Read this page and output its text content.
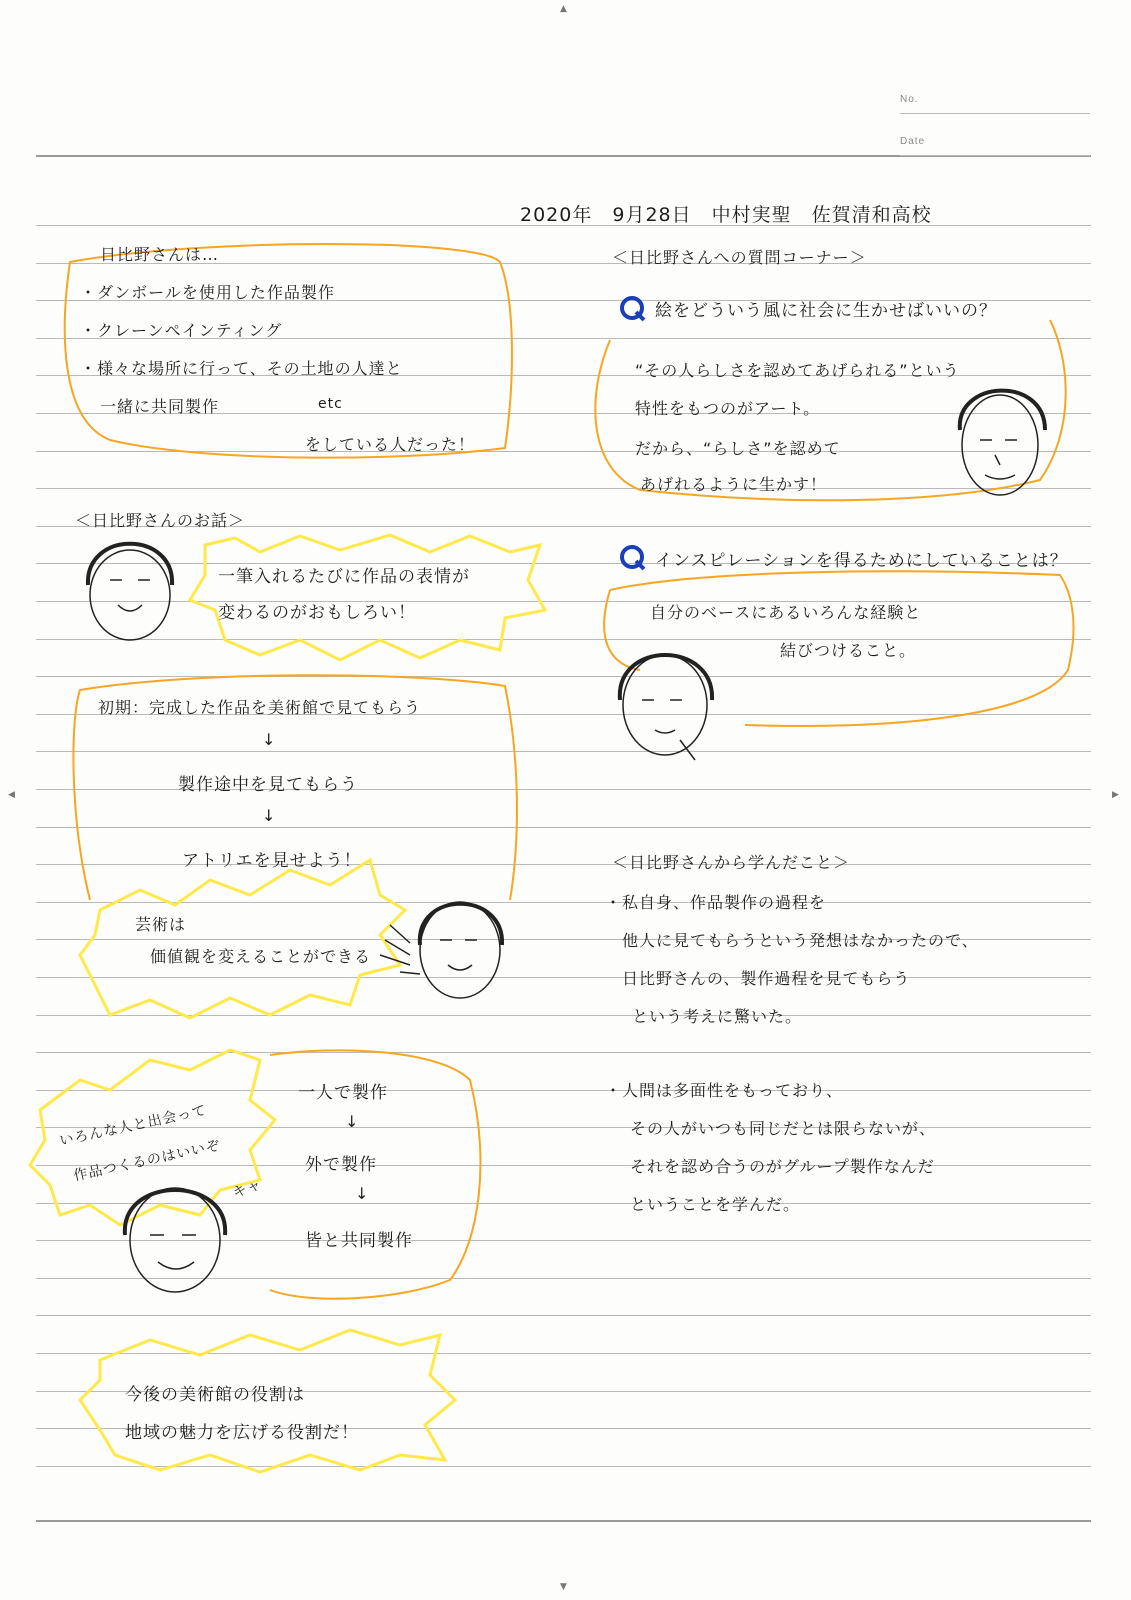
▲
◀	▶
▼
No.
Date
2020年　9月28日　中村実聖　佐賀清和高校
日比野さんは…
・ダンボールを使用した作品製作
・クレーンペインティング
・様々な場所に行って、その土地の人達と
一緒に共同製作	etc
をしている人だった！
＜日比野さんのお話＞
一筆入れるたびに作品の表情が
変わるのがおもしろい！
初期：完成した作品を美術館で見てもらう
↓
製作途中を見てもらう
↓
アトリエを見せよう！
芸術は
価値観を変えることができる
一人で製作
↓
外で製作
↓
皆と共同製作
いろんな人と出会って
作品つくるのはいいぞ
キャ
今後の美術館の役割は
地域の魅力を広げる役割だ！
＜日比野さんへの質問コーナー＞
絵をどういう風に社会に生かせばいいの？
“その人らしさを認めてあげられる”という
特性をもつのがアート。
だから、“らしさ”を認めて
あげれるように生かす！
インスピレーションを得るためにしていることは？
自分のベースにあるいろんな経験と
結びつけること。
＜日比野さんから学んだこと＞
・私自身、作品製作の過程を
他人に見てもらうという発想はなかったので、
日比野さんの、製作過程を見てもらう
という考えに驚いた。
・人間は多面性をもっており、
その人がいつも同じだとは限らないが、
それを認め合うのがグループ製作なんだ
ということを学んだ。
